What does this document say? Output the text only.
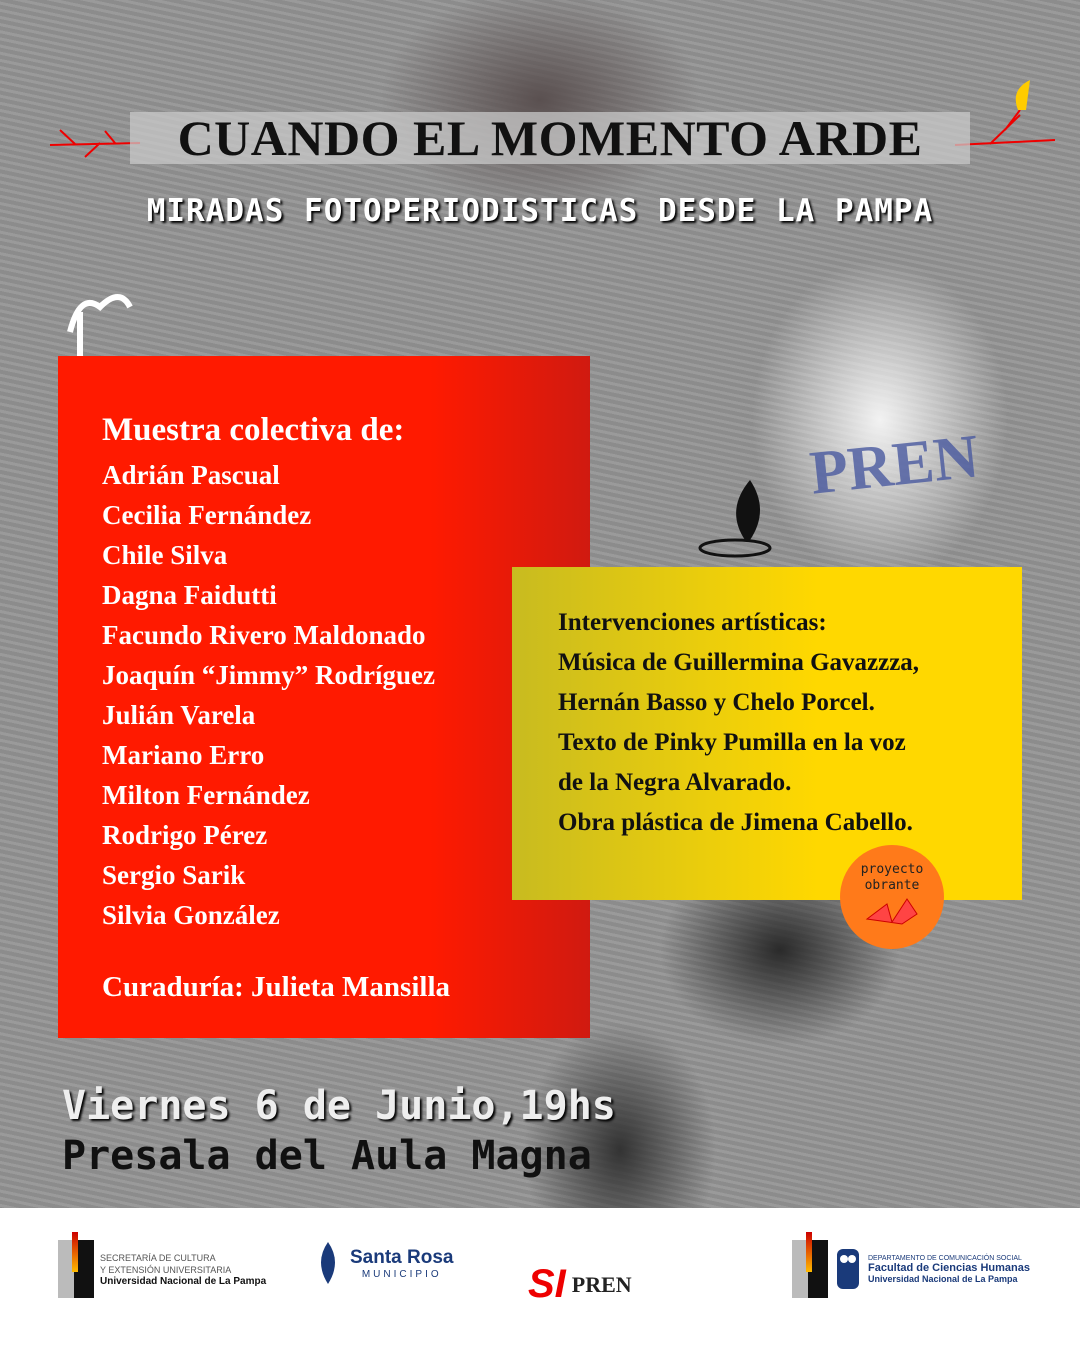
PREN
CUANDO EL MOMENTO ARDE
MIRADAS FOTOPERIODISTICAS DESDE LA PAMPA
Muestra colectiva de:
Adrián Pascual
Cecilia Fernández
Chile Silva
Dagna Faidutti
Facundo Rivero Maldonado
Joaquín “Jimmy” Rodríguez
Julián Varela
Mariano Erro
Milton Fernández
Rodrigo Pérez
Sergio Sarik
Silvia González
Curaduría: Julieta Mansilla
Intervenciones artísticas:
Música de Guillermina Gavazzza,
Hernán Basso y Chelo Porcel.
Texto de Pinky Pumilla en la voz
de la Negra Alvarado.
Obra plástica de Jimena Cabello.
proyecto
obrante
Viernes 6 de Junio,19hs
Presala del Aula Magna
SECRETARÍA DE CULTURA
Y EXTENSIÓN UNIVERSITARIA
Universidad Nacional de La Pampa
Santa Rosa
MUNICIPIO SI PREN
DEPARTAMENTO DE COMUNICACIÓN SOCIAL
Facultad de Ciencias Humanas
Universidad Nacional de La Pampa
